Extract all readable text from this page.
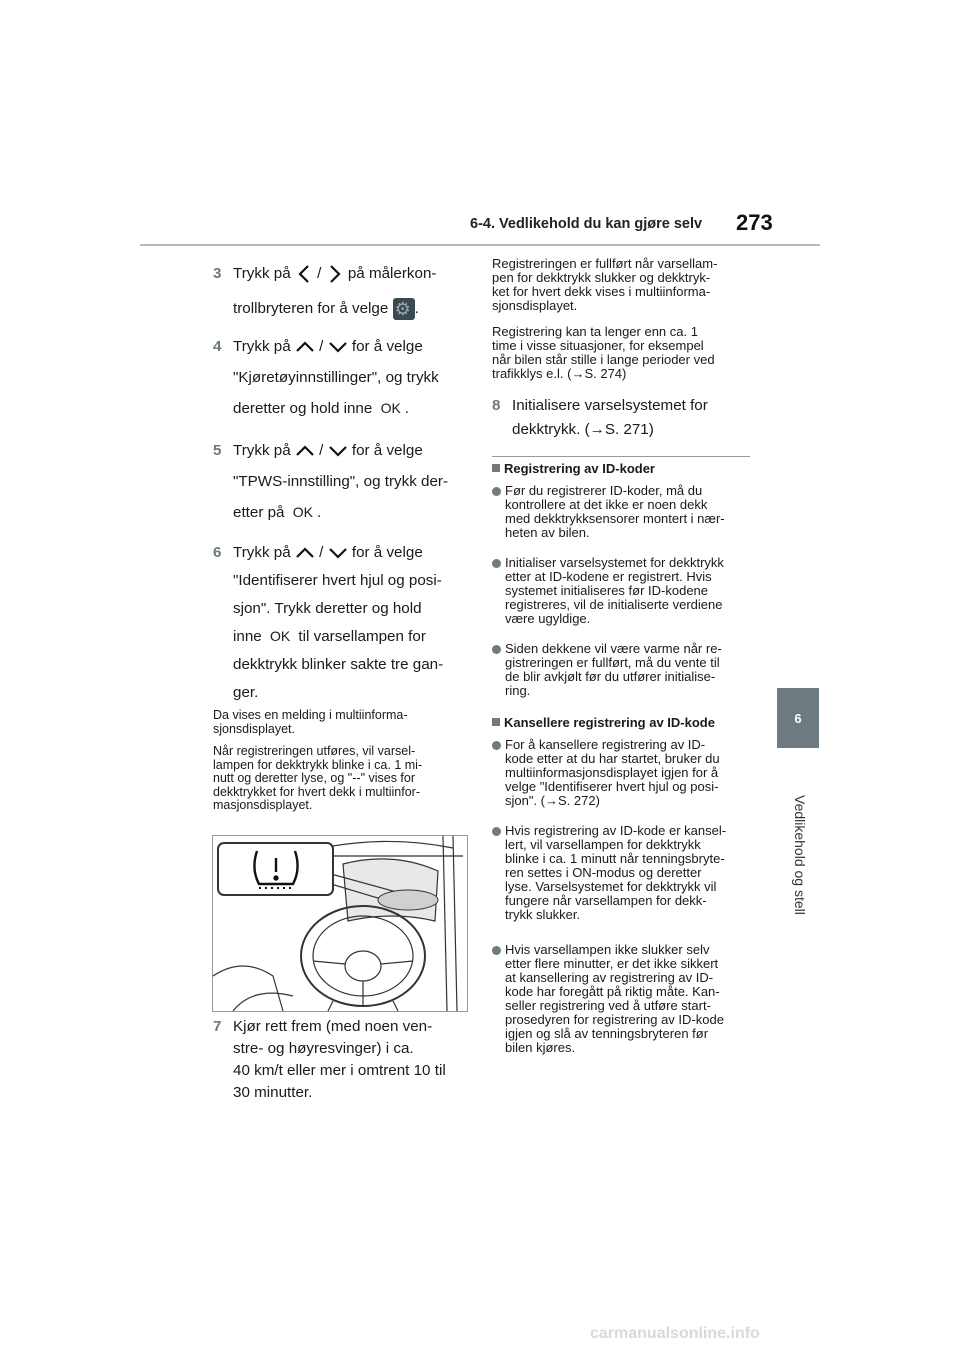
6-4. Vedlikehold du kan gjøre selv 273
6
Vedlikehold og stell
3 Trykk på / på målerkon-
trollbryteren for å velge ⚙ .
4 Trykk på / for å velge
"Kjøretøyinnstillinger", og trykk
deretter og hold inne OK .
5 Trykk på / for å velge
"TPWS-innstilling", og trykk der-
etter på OK .
6 Trykk på / for å velge
"Identifiserer hvert hjul og posi-
sjon". Trykk deretter og hold
inne OK til varsellampen for
dekktrykk blinker sakte tre gan-
ger.
Da vises en melding i multiinforma-
sjonsdisplayet.
Når registreringen utføres, vil varsel-
lampen for dekktrykk blinke i ca. 1 mi-
nutt og deretter lyse, og "--" vises for
dekktrykket for hvert dekk i multiinfor-
masjonsdisplayet.
7 Kjør rett frem (med noen ven-
stre- og høyresvinger) i ca.
40 km/t eller mer i omtrent 10 til
30 minutter.
Registreringen er fullført når varsellam-
pen for dekktrykk slukker og dekktryk-
ket for hvert dekk vises i multiinforma-
sjonsdisplayet.
Registrering kan ta lenger enn ca. 1
time i visse situasjoner, for eksempel
når bilen står stille i lange perioder ved
trafikklys e.l. (→S. 274)
8 Initialisere varselsystemet for
dekktrykk. (→S. 271)
Registrering av ID-koder
Før du registrerer ID-koder, må du
kontrollere at det ikke er noen dekk
med dekktrykksensorer montert i nær-
heten av bilen.
Initialiser varselsystemet for dekktrykk
etter at ID-kodene er registrert. Hvis
systemet initialiseres før ID-kodene
registreres, vil de initialiserte verdiene
være ugyldige.
Siden dekkene vil være varme når re-
gistreringen er fullført, må du vente til
de blir avkjølt før du utfører initialise-
ring.
Kansellere registrering av ID-kode
For å kansellere registrering av ID-
kode etter at du har startet, bruker du
multiinformasjonsdisplayet igjen for å
velge "Identifiserer hvert hjul og posi-
sjon". (→S. 272)
Hvis registrering av ID-kode er kansel-
lert, vil varsellampen for dekktrykk
blinke i ca. 1 minutt når tenningsbryte-
ren settes i ON-modus og deretter
lyse. Varselsystemet for dekktrykk vil
fungere når varsellampen for dekk-
trykk slukker.
Hvis varsellampen ikke slukker selv
etter flere minutter, er det ikke sikkert
at kansellering av registrering av ID-
kode har foregått på riktig måte. Kan-
seller registrering ved å utføre start-
prosedyren for registrering av ID-kode
igjen og slå av tenningsbryteren før
bilen kjøres.
carmanualsonline.info
